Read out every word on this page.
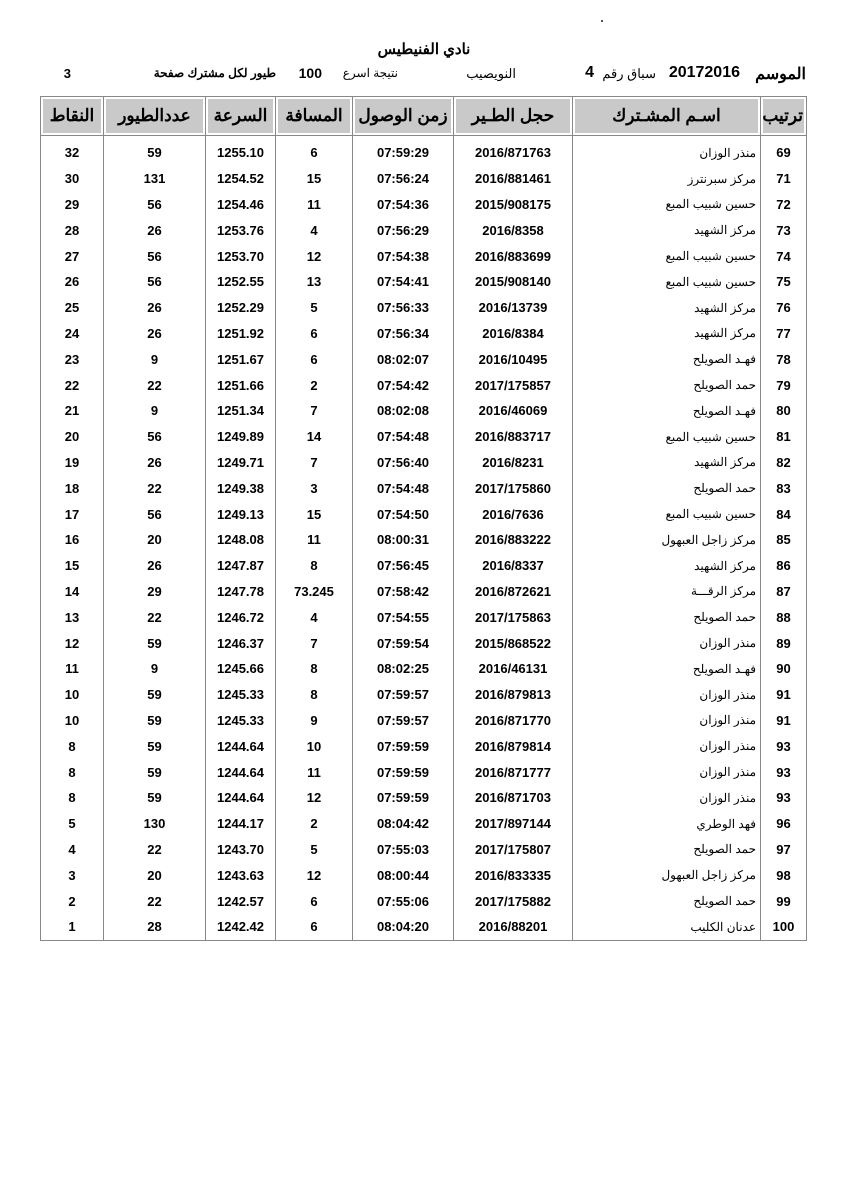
نادي الفنيطيس
الموسم
20172016
سباق رقم
4
النويصيب
نتيجة اسرع
100
طيور لكل مشترك صفحة
3
ترتيب	اسـم المشـترك	حجل الطـير	زمن الوصول	المسافة	السرعة	عددالطيور	النقاط
69	منذر الوزان	2016/871763	07:59:29	6	1255.10	59	32
71	مركز سبرنترز	2016/881461	07:56:24	15	1254.52	131	30
72	حسين شبيب المبع	2015/908175	07:54:36	11	1254.46	56	29
73	مركز الشهيد	2016/8358	07:56:29	4	1253.76	26	28
74	حسين شبيب المبع	2016/883699	07:54:38	12	1253.70	56	27
75	حسين شبيب المبع	2015/908140	07:54:41	13	1252.55	56	26
76	مركز الشهيد	2016/13739	07:56:33	5	1252.29	26	25
77	مركز الشهيد	2016/8384	07:56:34	6	1251.92	26	24
78	فهـد الصويلح	2016/10495	08:02:07	6	1251.67	9	23
79	حمد الصويلح	2017/175857	07:54:42	2	1251.66	22	22
80	فهـد الصويلح	2016/46069	08:02:08	7	1251.34	9	21
81	حسين شبيب المبع	2016/883717	07:54:48	14	1249.89	56	20
82	مركز الشهيد	2016/8231	07:56:40	7	1249.71	26	19
83	حمد الصويلح	2017/175860	07:54:48	3	1249.38	22	18
84	حسين شبيب المبع	2016/7636	07:54:50	15	1249.13	56	17
85	مركز زاجل العبهول	2016/883222	08:00:31	11	1248.08	20	16
86	مركز الشهيد	2016/8337	07:56:45	8	1247.87	26	15
87	مركز الرقـــة	2016/872621	07:58:42	73.245	1247.78	29	14
88	حمد الصويلح	2017/175863	07:54:55	4	1246.72	22	13
89	منذر الوزان	2015/868522	07:59:54	7	1246.37	59	12
90	فهـد الصويلح	2016/46131	08:02:25	8	1245.66	9	11
91	منذر الوزان	2016/879813	07:59:57	8	1245.33	59	10
91	منذر الوزان	2016/871770	07:59:57	9	1245.33	59	10
93	منذر الوزان	2016/879814	07:59:59	10	1244.64	59	8
93	منذر الوزان	2016/871777	07:59:59	11	1244.64	59	8
93	منذر الوزان	2016/871703	07:59:59	12	1244.64	59	8
96	فهد الوطري	2017/897144	08:04:42	2	1244.17	130	5
97	حمد الصويلح	2017/175807	07:55:03	5	1243.70	22	4
98	مركز زاجل العبهول	2016/833335	08:00:44	12	1243.63	20	3
99	حمد الصويلح	2017/175882	07:55:06	6	1242.57	22	2
100	عدنان الكليب	2016/88201	08:04:20	6	1242.42	28	1
